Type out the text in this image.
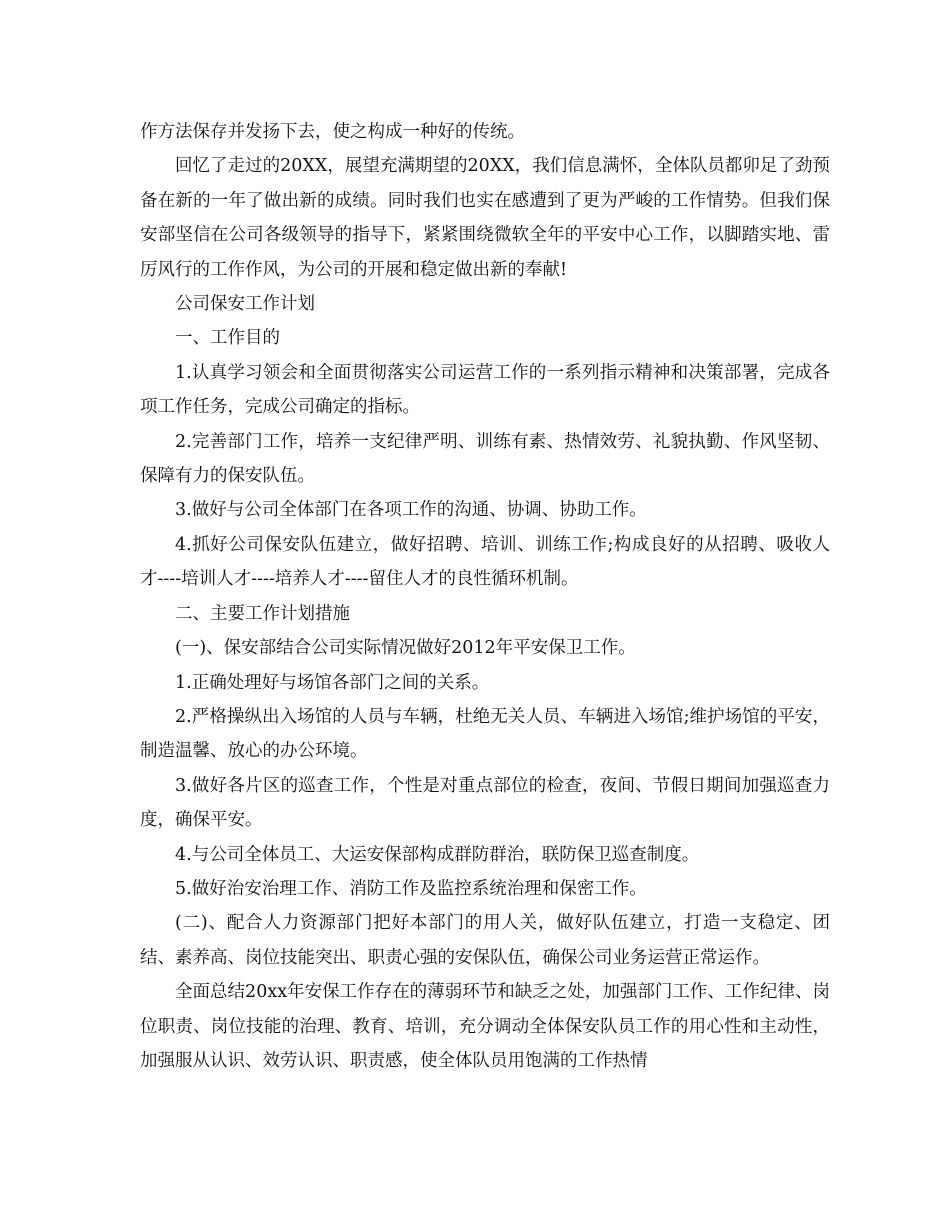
作方法保存并发扬下去，使之构成一种好的传统。

回忆了走过的20XX，展望充满期望的20XX，我们信息满怀，全体队员都卯足了劲预备在新的一年了做出新的成绩。同时我们也实在感遭到了更为严峻的工作情势。但我们保安部坚信在公司各级领导的指导下，紧紧围绕微软全年的平安中心工作，以脚踏实地、雷厉风行的工作作风，为公司的开展和稳定做出新的奉献!

公司保安工作计划

一、工作目的

1.认真学习领会和全面贯彻落实公司运营工作的一系列指示精神和决策部署，完成各项工作任务，完成公司确定的指标。

2.完善部门工作，培养一支纪律严明、训练有素、热情效劳、礼貌执勤、作风坚韧、保障有力的保安队伍。

3.做好与公司全体部门在各项工作的沟通、协调、协助工作。

4.抓好公司保安队伍建立，做好招聘、培训、训练工作;构成良好的从招聘、吸收人才----培训人才----培养人才----留住人才的良性循环机制。

二、主要工作计划措施

(一)、保安部结合公司实际情况做好2012年平安保卫工作。

1.正确处理好与场馆各部门之间的关系。

2.严格操纵出入场馆的人员与车辆，杜绝无关人员、车辆进入场馆;维护场馆的平安，制造温馨、放心的办公环境。

3.做好各片区的巡查工作，个性是对重点部位的检查，夜间、节假日期间加强巡查力度，确保平安。

4.与公司全体员工、大运安保部构成群防群治，联防保卫巡查制度。

5.做好治安治理工作、消防工作及监控系统治理和保密工作。

(二)、配合人力资源部门把好本部门的用人关，做好队伍建立，打造一支稳定、团结、素养高、岗位技能突出、职责心强的安保队伍，确保公司业务运营正常运作。

全面总结20xx年安保工作存在的薄弱环节和缺乏之处，加强部门工作、工作纪律、岗位职责、岗位技能的治理、教育、培训，充分调动全体保安队员工作的用心性和主动性，加强服从认识、效劳认识、职责感，使全体队员用饱满的工作热情
